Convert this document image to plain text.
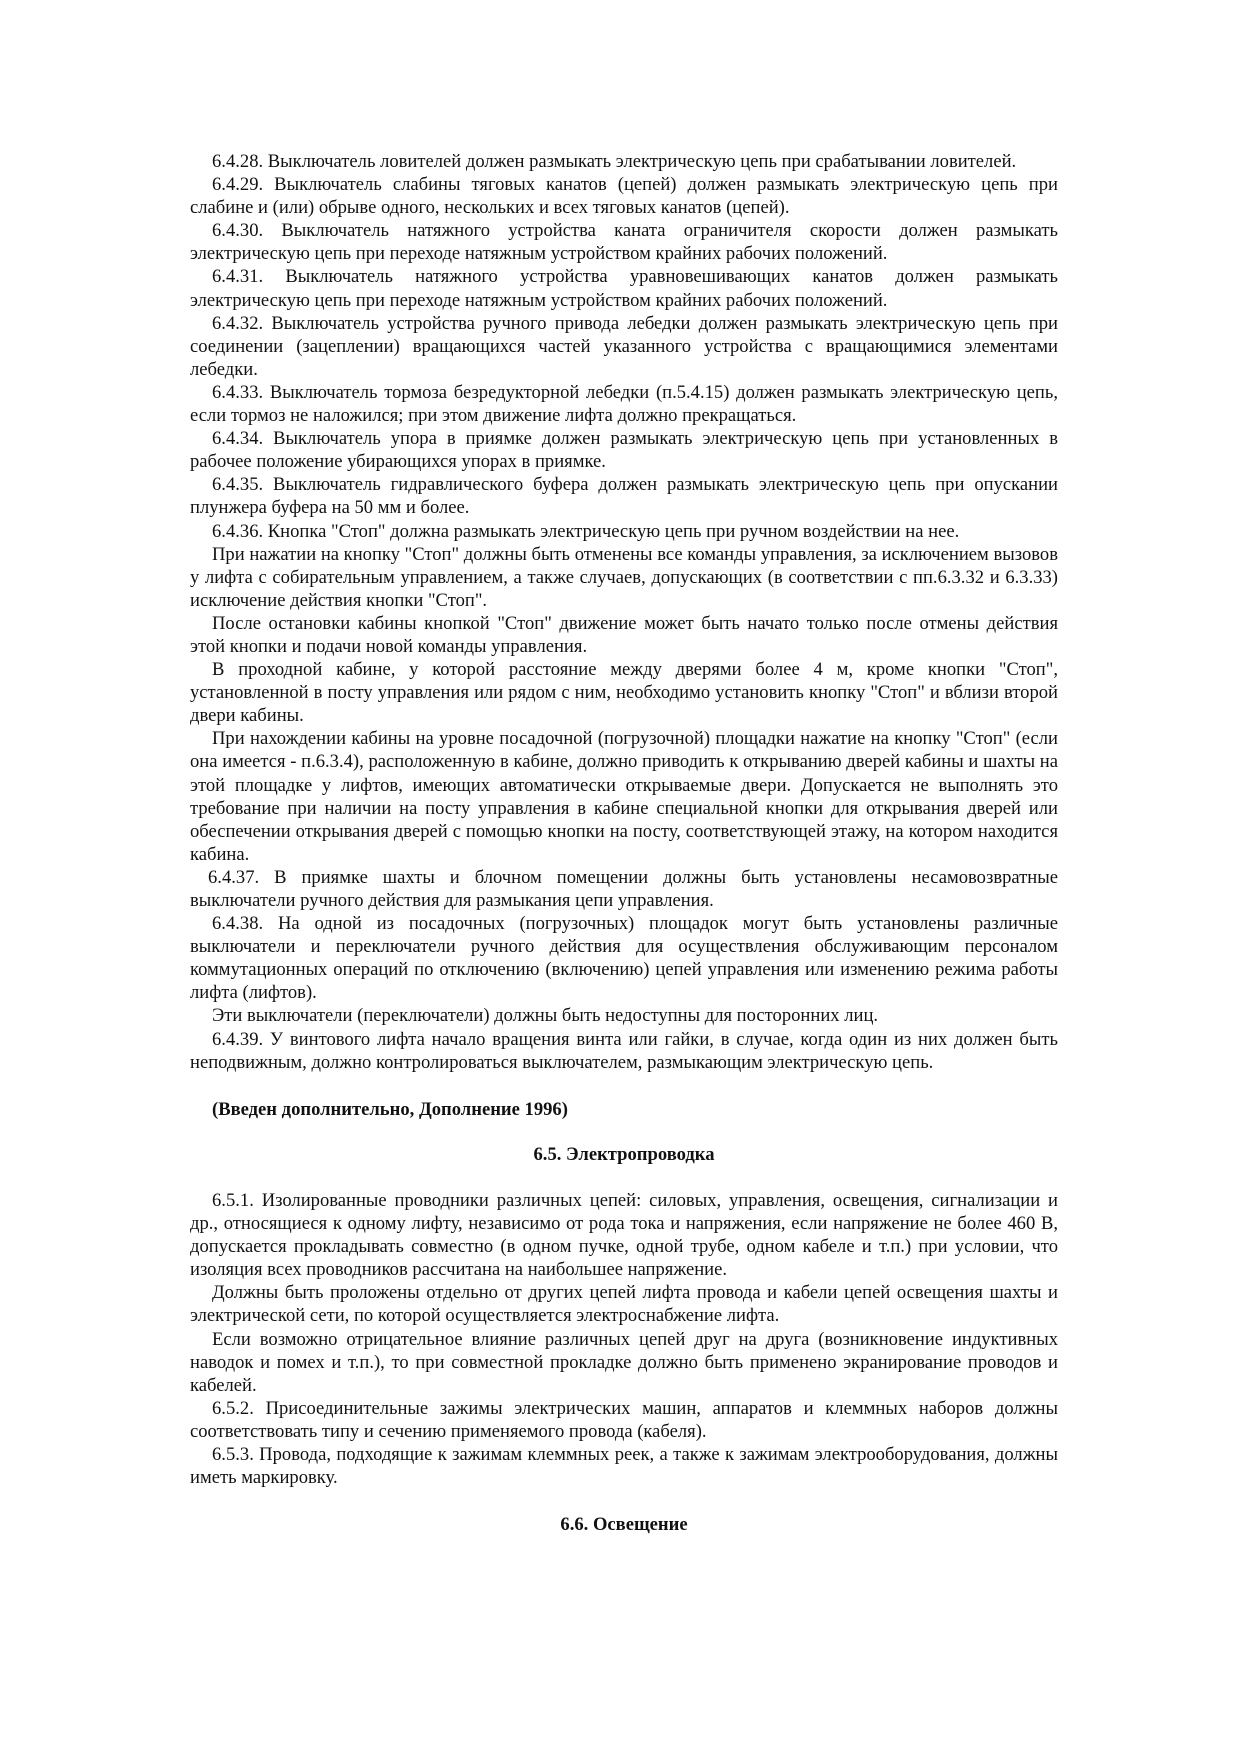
6.4.28. Выключатель ловителей должен размыкать электрическую цепь при срабатывании ловителей.

6.4.29. Выключатель слабины тяговых канатов (цепей) должен размыкать электрическую цепь при слабине и (или) обрыве одного, нескольких и всех тяговых канатов (цепей).

6.4.30. Выключатель натяжного устройства каната ограничителя скорости должен размыкать электрическую цепь при переходе натяжным устройством крайних рабочих положений.

6.4.31. Выключатель натяжного устройства уравновешивающих канатов должен размыкать электрическую цепь при переходе натяжным устройством крайних рабочих положений.

6.4.32. Выключатель устройства ручного привода лебедки должен размыкать электрическую цепь при соединении (зацеплении) вращающихся частей указанного устройства с вращающимися элементами лебедки.

6.4.33. Выключатель тормоза безредукторной лебедки (п.5.4.15) должен размыкать электрическую цепь, если тормоз не наложился; при этом движение лифта должно прекращаться.

6.4.34. Выключатель упора в приямке должен размыкать электрическую цепь при установленных в рабочее положение убирающихся упорах в приямке.

6.4.35. Выключатель гидравлического буфера должен размыкать электрическую цепь при опускании плунжера буфера на 50 мм и более.

6.4.36. Кнопка "Стоп" должна размыкать электрическую цепь при ручном воздействии на нее.

При нажатии на кнопку "Стоп" должны быть отменены все команды управления, за исключением вызовов у лифта с собирательным управлением, а также случаев, допускающих (в соответствии с пп.6.3.32 и 6.3.33) исключение действия кнопки "Стоп".

После остановки кабины кнопкой "Стоп" движение может быть начато только после отмены действия этой кнопки и подачи новой команды управления.

В проходной кабине, у которой расстояние между дверями более 4 м, кроме кнопки "Стоп", установленной в посту управления или рядом с ним, необходимо установить кнопку "Стоп" и вблизи второй двери кабины.

При нахождении кабины на уровне посадочной (погрузочной) площадки нажатие на кнопку "Стоп" (если она имеется - п.6.3.4), расположенную в кабине, должно приводить к открыванию дверей кабины и шахты на этой площадке у лифтов, имеющих автоматически открываемые двери. Допускается не выполнять это требование при наличии на посту управления в кабине специальной кнопки для открывания дверей или обеспечении открывания дверей с помощью кнопки на посту, соответствующей этажу, на котором находится кабина.

6.4.37. В приямке шахты и блочном помещении должны быть установлены несамовозвратные выключатели ручного действия для размыкания цепи управления.

6.4.38. На одной из посадочных (погрузочных) площадок могут быть установлены различные выключатели и переключатели ручного действия для осуществления обслуживающим персоналом коммутационных операций по отключению (включению) цепей управления или изменению режима работы лифта (лифтов).

Эти выключатели (переключатели) должны быть недоступны для посторонних лиц.

6.4.39. У винтового лифта начало вращения винта или гайки, в случае, когда один из них должен быть неподвижным, должно контролироваться выключателем, размыкающим электрическую цепь.

(Введен дополнительно, Дополнение 1996)
6.5. Электропроводка

6.5.1. Изолированные проводники различных цепей: силовых, управления, освещения, сигнализации и др., относящиеся к одному лифту, независимо от рода тока и напряжения, если напряжение не более 460 В, допускается прокладывать совместно (в одном пучке, одной трубе, одном кабеле и т.п.) при условии, что изоляция всех проводников рассчитана на наибольшее напряжение.

Должны быть проложены отдельно от других цепей лифта провода и кабели цепей освещения шахты и электрической сети, по которой осуществляется электроснабжение лифта.

Если возможно отрицательное влияние различных цепей друг на друга (возникновение индуктивных наводок и помех и т.п.), то при совместной прокладке должно быть применено экранирование проводов и кабелей.

6.5.2. Присоединительные зажимы электрических машин, аппаратов и клеммных наборов должны соответствовать типу и сечению применяемого провода (кабеля).

6.5.3. Провода, подходящие к зажимам клеммных реек, а также к зажимам электрооборудования, должны иметь маркировку.

6.6. Освещение
